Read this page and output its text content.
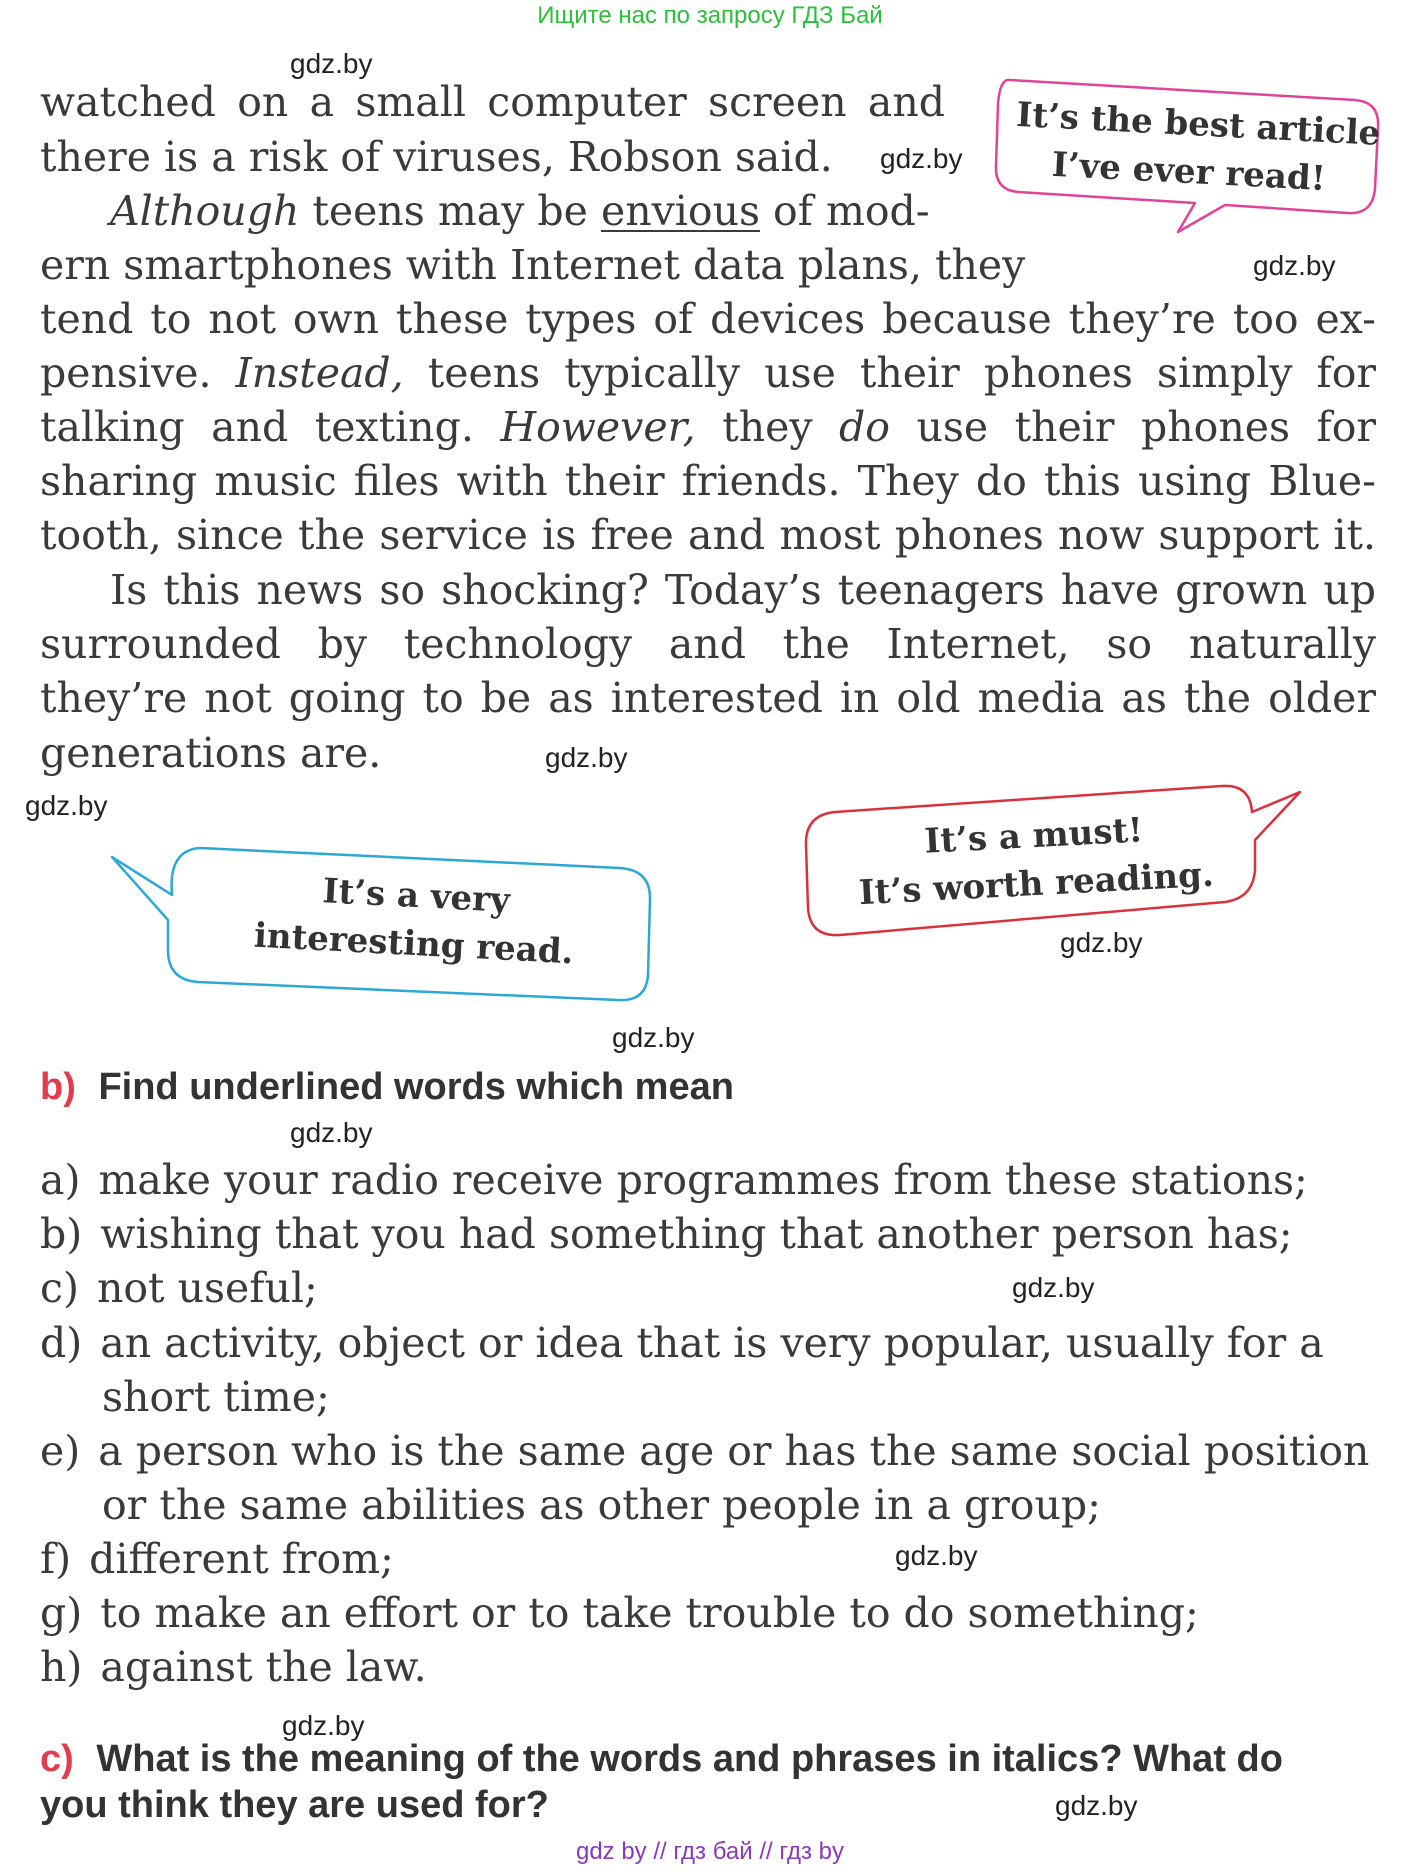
Ищите нас по запросу ГДЗ Бай
gdz.by
gdz.by
gdz.by
gdz.by
gdz.by
gdz.by
gdz.by
gdz.by
gdz.by
gdz.by
gdz.by
gdz.by
watched on a small computer screen and
there is a risk of viruses, Robson said.
Although teens may be envious of mod-
ern smartphones with Internet data plans, they
tend to not own these types of devices because they’re too ex-
pensive. Instead, teens typically use their phones simply for
talking and texting. However, they do use their phones for
sharing music files with their friends. They do this using Blue-
tooth, since the service is free and most phones now support it.
Is this news so shocking? Today’s teenagers have grown up
surrounded by technology and the Internet, so naturally
they’re not going to be as interested in old media as the older
generations are.
It’s the best article
I’ve ever read!
It’s a very
interesting read.
It’s a must!
It’s worth reading.
b) Find underlined words which mean
a) make your radio receive programmes from these stations;
b) wishing that you had something that another person has;
c) not useful;
d) an activity, object or idea that is very popular, usually for a
short time;
e) a person who is the same age or has the same social position
or the same abilities as other people in a group;
f) different from;
g) to make an effort or to take trouble to do something;
h) against the law.
c) What is the meaning of the words and phrases in italics? What do
you think they are used for?
gdz by // гдз бай // гдз by
